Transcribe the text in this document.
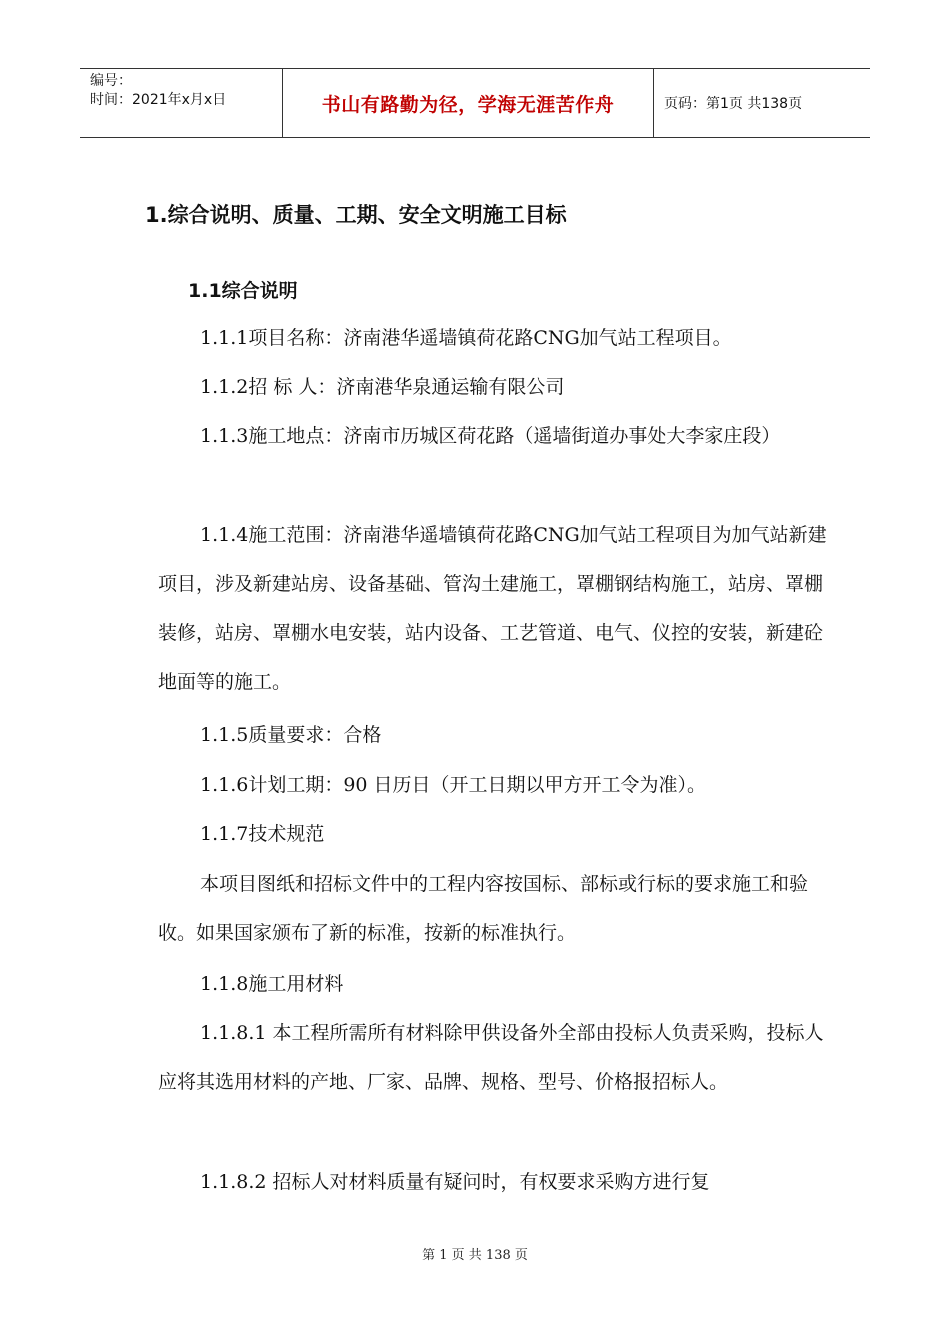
编号：
时间：2021年x月x日	书山有路勤为径，学海无涯苦作舟	页码：第1页 共138页
1.综合说明、质量、工期、安全文明施工目标
1.1综合说明
1.1.1项目名称：济南港华遥墙镇荷花路CNG加气站工程项目。
1.1.2招 标 人：济南港华泉通运输有限公司
1.1.3施工地点：济南市历城区荷花路（遥墙街道办事处大李家庄段）
1.1.4施工范围：济南港华遥墙镇荷花路CNG加气站工程项目为加气站新建项目，涉及新建站房、设备基础、管沟土建施工，罩棚钢结构施工，站房、罩棚装修，站房、罩棚水电安装，站内设备、工艺管道、电气、仪控的安装，新建砼地面等的施工。
1.1.5质量要求：合格
1.1.6计划工期：90 日历日（开工日期以甲方开工令为准）。
1.1.7技术规范
本项目图纸和招标文件中的工程内容按国标、部标或行标的要求施工和验收。如果国家颁布了新的标准，按新的标准执行。
1.1.8施工用材料
1.1.8.1 本工程所需所有材料除甲供设备外全部由投标人负责采购，投标人应将其选用材料的产地、厂家、品牌、规格、型号、价格报招标人。
1.1.8.2 招标人对材料质量有疑问时，有权要求采购方进行复
第 1 页 共 138 页
